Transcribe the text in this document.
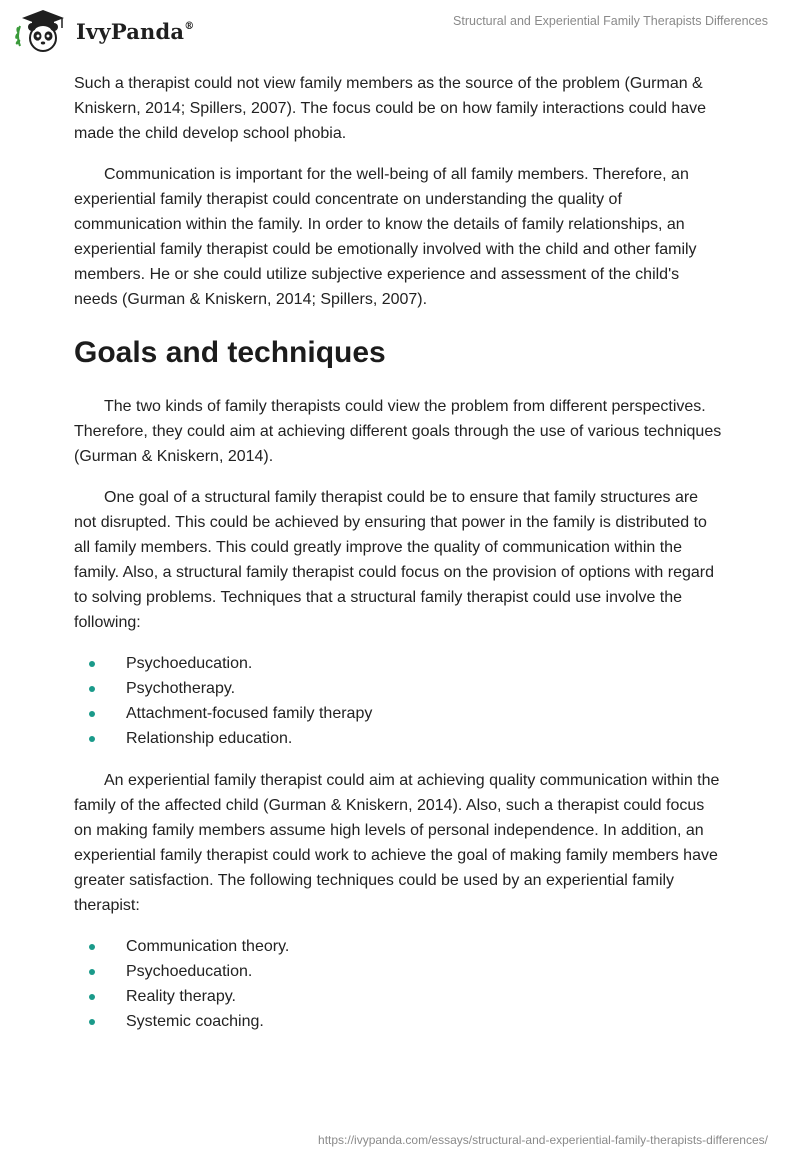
IvyPanda®	Structural and Experiential Family Therapists Differences

Such a therapist could not view family members as the source of the problem (Gurman & Kniskern, 2014; Spillers, 2007). The focus could be on how family interactions could have made the child develop school phobia.

Communication is important for the well-being of all family members. Therefore, an experiential family therapist could concentrate on understanding the quality of communication within the family. In order to know the details of family relationships, an experiential family therapist could be emotionally involved with the child and other family members. He or she could utilize subjective experience and assessment of the child's needs (Gurman & Kniskern, 2014; Spillers, 2007).

Goals and techniques

The two kinds of family therapists could view the problem from different perspectives. Therefore, they could aim at achieving different goals through the use of various techniques (Gurman & Kniskern, 2014).

One goal of a structural family therapist could be to ensure that family structures are not disrupted. This could be achieved by ensuring that power in the family is distributed to all family members. This could greatly improve the quality of communication within the family. Also, a structural family therapist could focus on the provision of options with regard to solving problems. Techniques that a structural family therapist could use involve the following:

Psychoeducation.
Psychotherapy.
Attachment-focused family therapy
Relationship education.

An experiential family therapist could aim at achieving quality communication within the family of the affected child (Gurman & Kniskern, 2014). Also, such a therapist could focus on making family members assume high levels of personal independence. In addition, an experiential family therapist could work to achieve the goal of making family members have greater satisfaction. The following techniques could be used by an experiential family therapist:

Communication theory.
Psychoeducation.
Reality therapy.
Systemic coaching.
https://ivypanda.com/essays/structural-and-experiential-family-therapists-differences/
